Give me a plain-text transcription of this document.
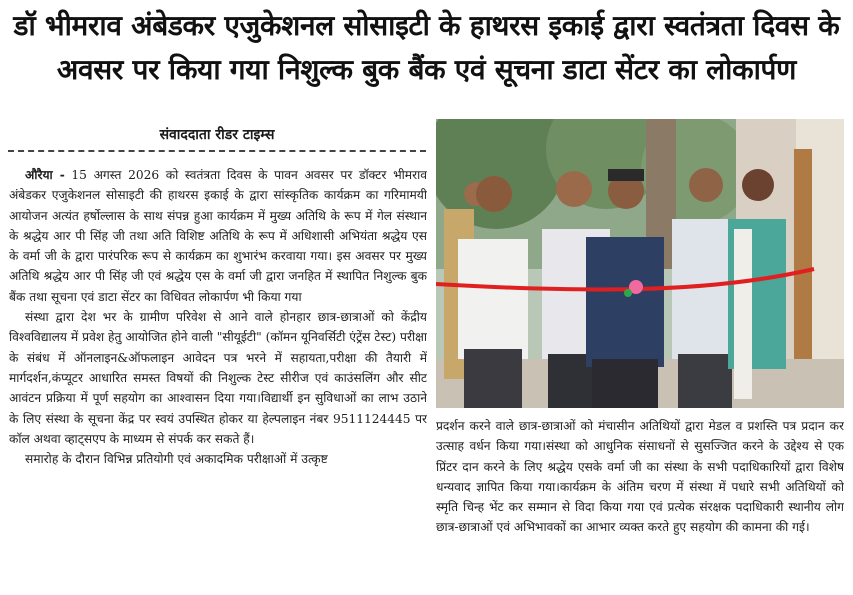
डॉ भीमराव अंबेडकर एजुकेशनल सोसाइटी के हाथरस इकाई द्वारा स्वतंत्रता दिवस के अवसर पर किया गया निशुल्क बुक बैंक एवं सूचना डाटा सेंटर का लोकार्पण
संवाददाता रीडर टाइम्स

औरैया - 15 अगस्त 2026 को स्वतंत्रता दिवस के पावन अवसर पर डॉक्टर भीमराव अंबेडकर एजुकेशनल सोसाइटी की हाथरस इकाई के द्वारा सांस्कृतिक कार्यक्रम का गरिमामयी आयोजन अत्यंत हर्षोल्लास के साथ संपन्न हुआ कार्यक्रम में मुख्य अतिथि के रूप में गेल संस्थान के श्रद्धेय आर पी सिंह जी तथा अति विशिष्ट अतिथि के रूप में अधिशासी अभियंता श्रद्धेय एस के वर्मा जी के द्वारा पारंपरिक रूप से कार्यक्रम का शुभारंभ करवाया गया। इस अवसर पर मुख्य अतिथि श्रद्धेय आर पी सिंह जी एवं श्रद्धेय एस के वर्मा जी द्वारा जनहित में स्थापित निशुल्क बुक बैंक तथा सूचना एवं डाटा सेंटर का विधिवत लोकार्पण भी किया गया

संस्था द्वारा देश भर के ग्रामीण परिवेश से आने वाले होनहार छात्र-छात्राओं को केंद्रीय विश्वविद्यालय में प्रवेश हेतु आयोजित होने वाली "सीयूईटी" (कॉमन यूनिवर्सिटी एंट्रेंस टेस्ट) परीक्षा के संबंध में ऑनलाइन&ऑफलाइन आवेदन पत्र भरने में सहायता,परीक्षा की तैयारी में मार्गदर्शन,कंप्यूटर आधारित समस्त विषयों की निशुल्क टेस्ट सीरीज एवं काउंसलिंग और सीट आवंटन प्रक्रिया में पूर्ण सहयोग का आश्वासन दिया गया।विद्यार्थी इन सुविधाओं का लाभ उठाने के लिए संस्था के सूचना केंद्र पर स्वयं उपस्थित होकर या हेल्पलाइन नंबर 9511124445 पर कॉल अथवा व्हाट्सएप के माध्यम से संपर्क कर सकते हैं।

समारोह के दौरान विभिन्न प्रतियोगी एवं अकादमिक परीक्षाओं में उत्कृष्ट

प्रदर्शन करने वाले छात्र-छात्राओं को मंचासीन अतिथियों द्वारा मेडल व प्रशस्ति पत्र प्रदान कर उत्साह वर्धन किया गया।संस्था को आधुनिक संसाधनों से सुसज्जित करने के उद्देश्य से एक प्रिंटर दान करने के लिए श्रद्धेय एसके वर्मा जी का संस्था के सभी पदाधिकारियों द्वारा विशेष धन्यवाद ज्ञापित किया गया।कार्यक्रम के अंतिम चरण में संस्था में पधारे सभी अतिथियों को स्मृति चिन्ह भेंट कर सम्मान से विदा किया गया एवं प्रत्येक संरक्षक पदाधिकारी स्थानीय लोग छात्र-छात्राओं एवं अभिभावकों का आभार व्यक्त करते हुए सहयोग की कामना की गई।
